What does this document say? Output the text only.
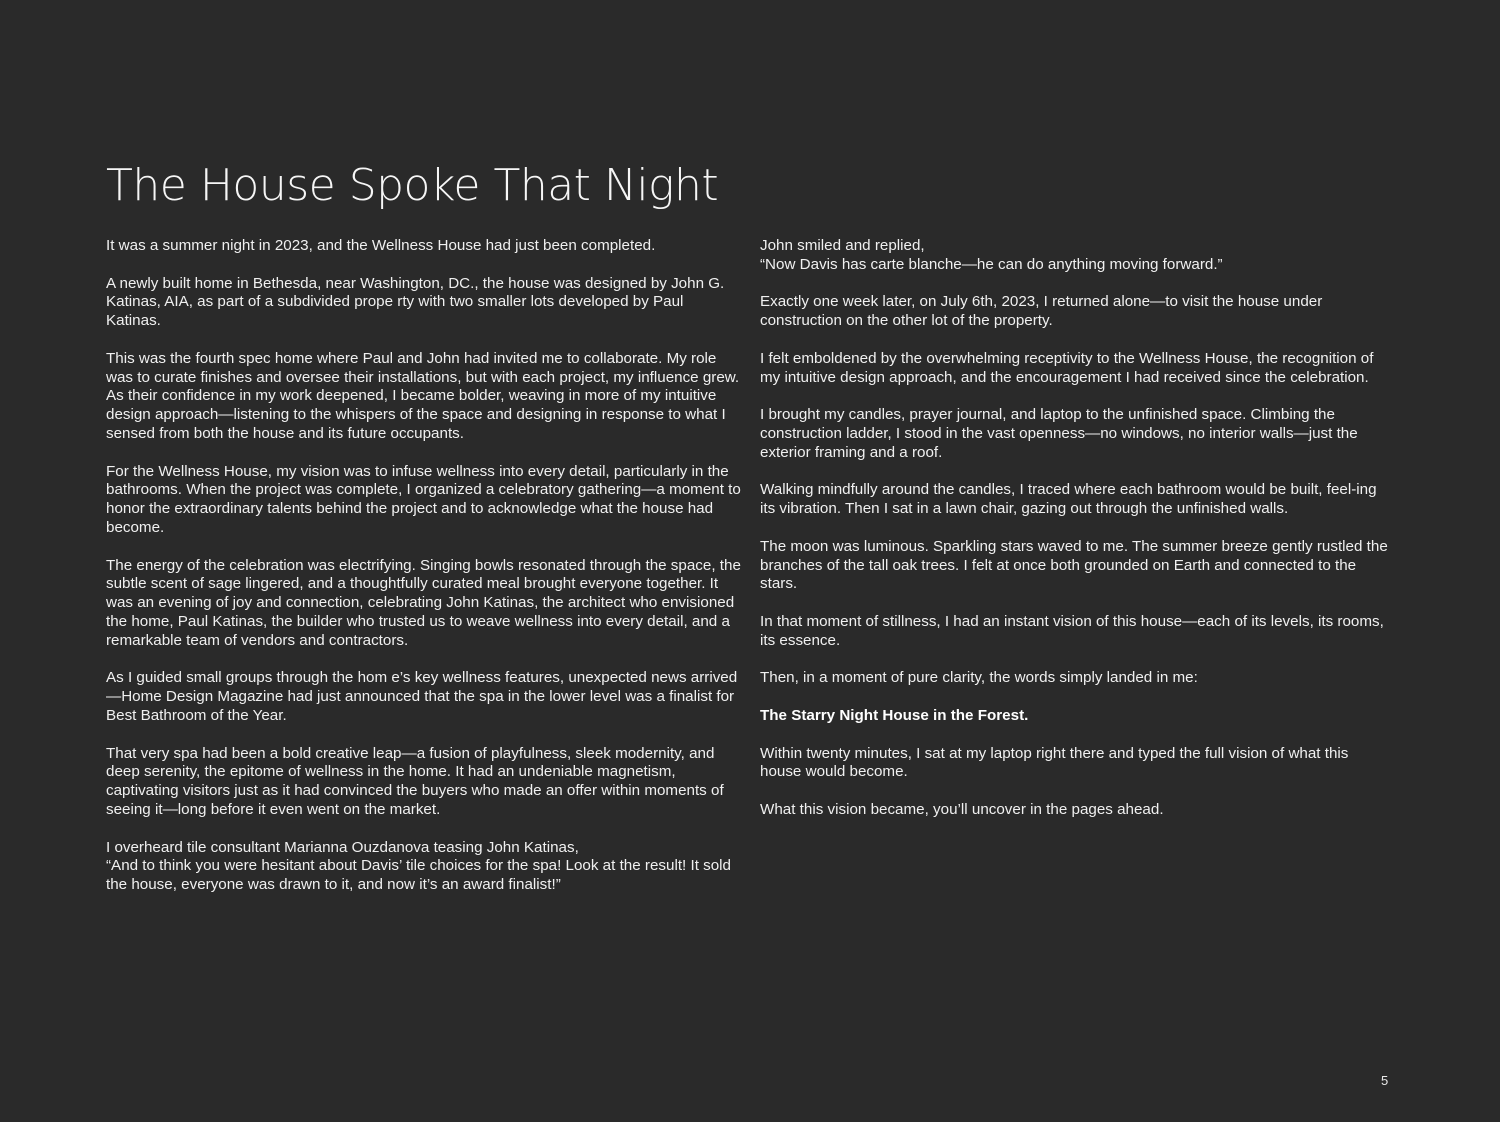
The House Spoke That Night

It was a summer night in 2023, and the Wellness House had just been completed.

A newly built home in Bethesda, near Washington, DC., the house was designed by John G. Katinas, AIA, as part of a subdivided prope rty with two smaller lots developed by Paul Katinas.

This was the fourth spec home where Paul and John had invited me to collaborate. My role was to curate finishes and oversee their installations, but with each project, my influence grew. As their confidence in my work deepened, I became bolder, weaving in more of my intuitive design approach—listening to the whispers of the space and designing in response to what I sensed from both the house and its future occupants.

For the Wellness House, my vision was to infuse wellness into every detail, particularly in the bathrooms. When the project was complete, I organized a celebratory gathering—a moment to honor the extraordinary talents behind the project and to acknowledge what the house had become.

The energy of the celebration was electrifying. Singing bowls resonated through the space, the subtle scent of sage lingered, and a thoughtfully curated meal brought everyone together. It was an evening of joy and connection, celebrating John Katinas, the architect who envisioned the home, Paul Katinas, the builder who trusted us to weave wellness into every detail, and a remarkable team of vendors and contractors.

As I guided small groups through the hom e’s key wellness features, unexpected news arrived—Home Design Magazine had just announced that the spa in the lower level was a finalist for Best Bathroom of the Year.

That very spa had been a bold creative leap—a fusion of playfulness, sleek modernity, and deep serenity, the epitome of wellness in the home. It had an undeniable magnetism, captivating visitors just as it had convinced the buyers who made an offer within moments of seeing it—long before it even went on the market.

I overheard tile consultant Marianna Ouzdanova teasing John Katinas,
“And to think you were hesitant about Davis’ tile choices for the spa! Look at the result! It sold the house, everyone was drawn to it, and now it’s an award finalist!”

John smiled and replied,
“Now Davis has carte blanche—he can do anything moving forward.”

Exactly one week later, on July 6th, 2023, I returned alone—to visit the house under construction on the other lot of the property.

I felt emboldened by the overwhelming receptivity to the Wellness House, the recognition of my intuitive design approach, and the encouragement I had received since the celebration.

I brought my candles, prayer journal, and laptop to the unfinished space. Climbing the construction ladder, I stood in the vast openness—no windows, no interior walls—just the exterior framing and a roof.

Walking mindfully around the candles, I traced where each bathroom would be built, feel-ing its vibration. Then I sat in a lawn chair, gazing out through the unfinished walls.

The moon was luminous. Sparkling stars waved to me. The summer breeze gently rustled the branches of the tall oak trees. I felt at once both grounded on Earth and connected to the stars.

In that moment of stillness, I had an instant vision of this house—each of its levels, its rooms, its essence.

Then, in a moment of pure clarity, the words simply landed in me:

The Starry Night House in the Forest.

Within twenty minutes, I sat at my laptop right there and typed the full vision of what this house would become.

What this vision became, you’ll uncover in the pages ahead.

5
